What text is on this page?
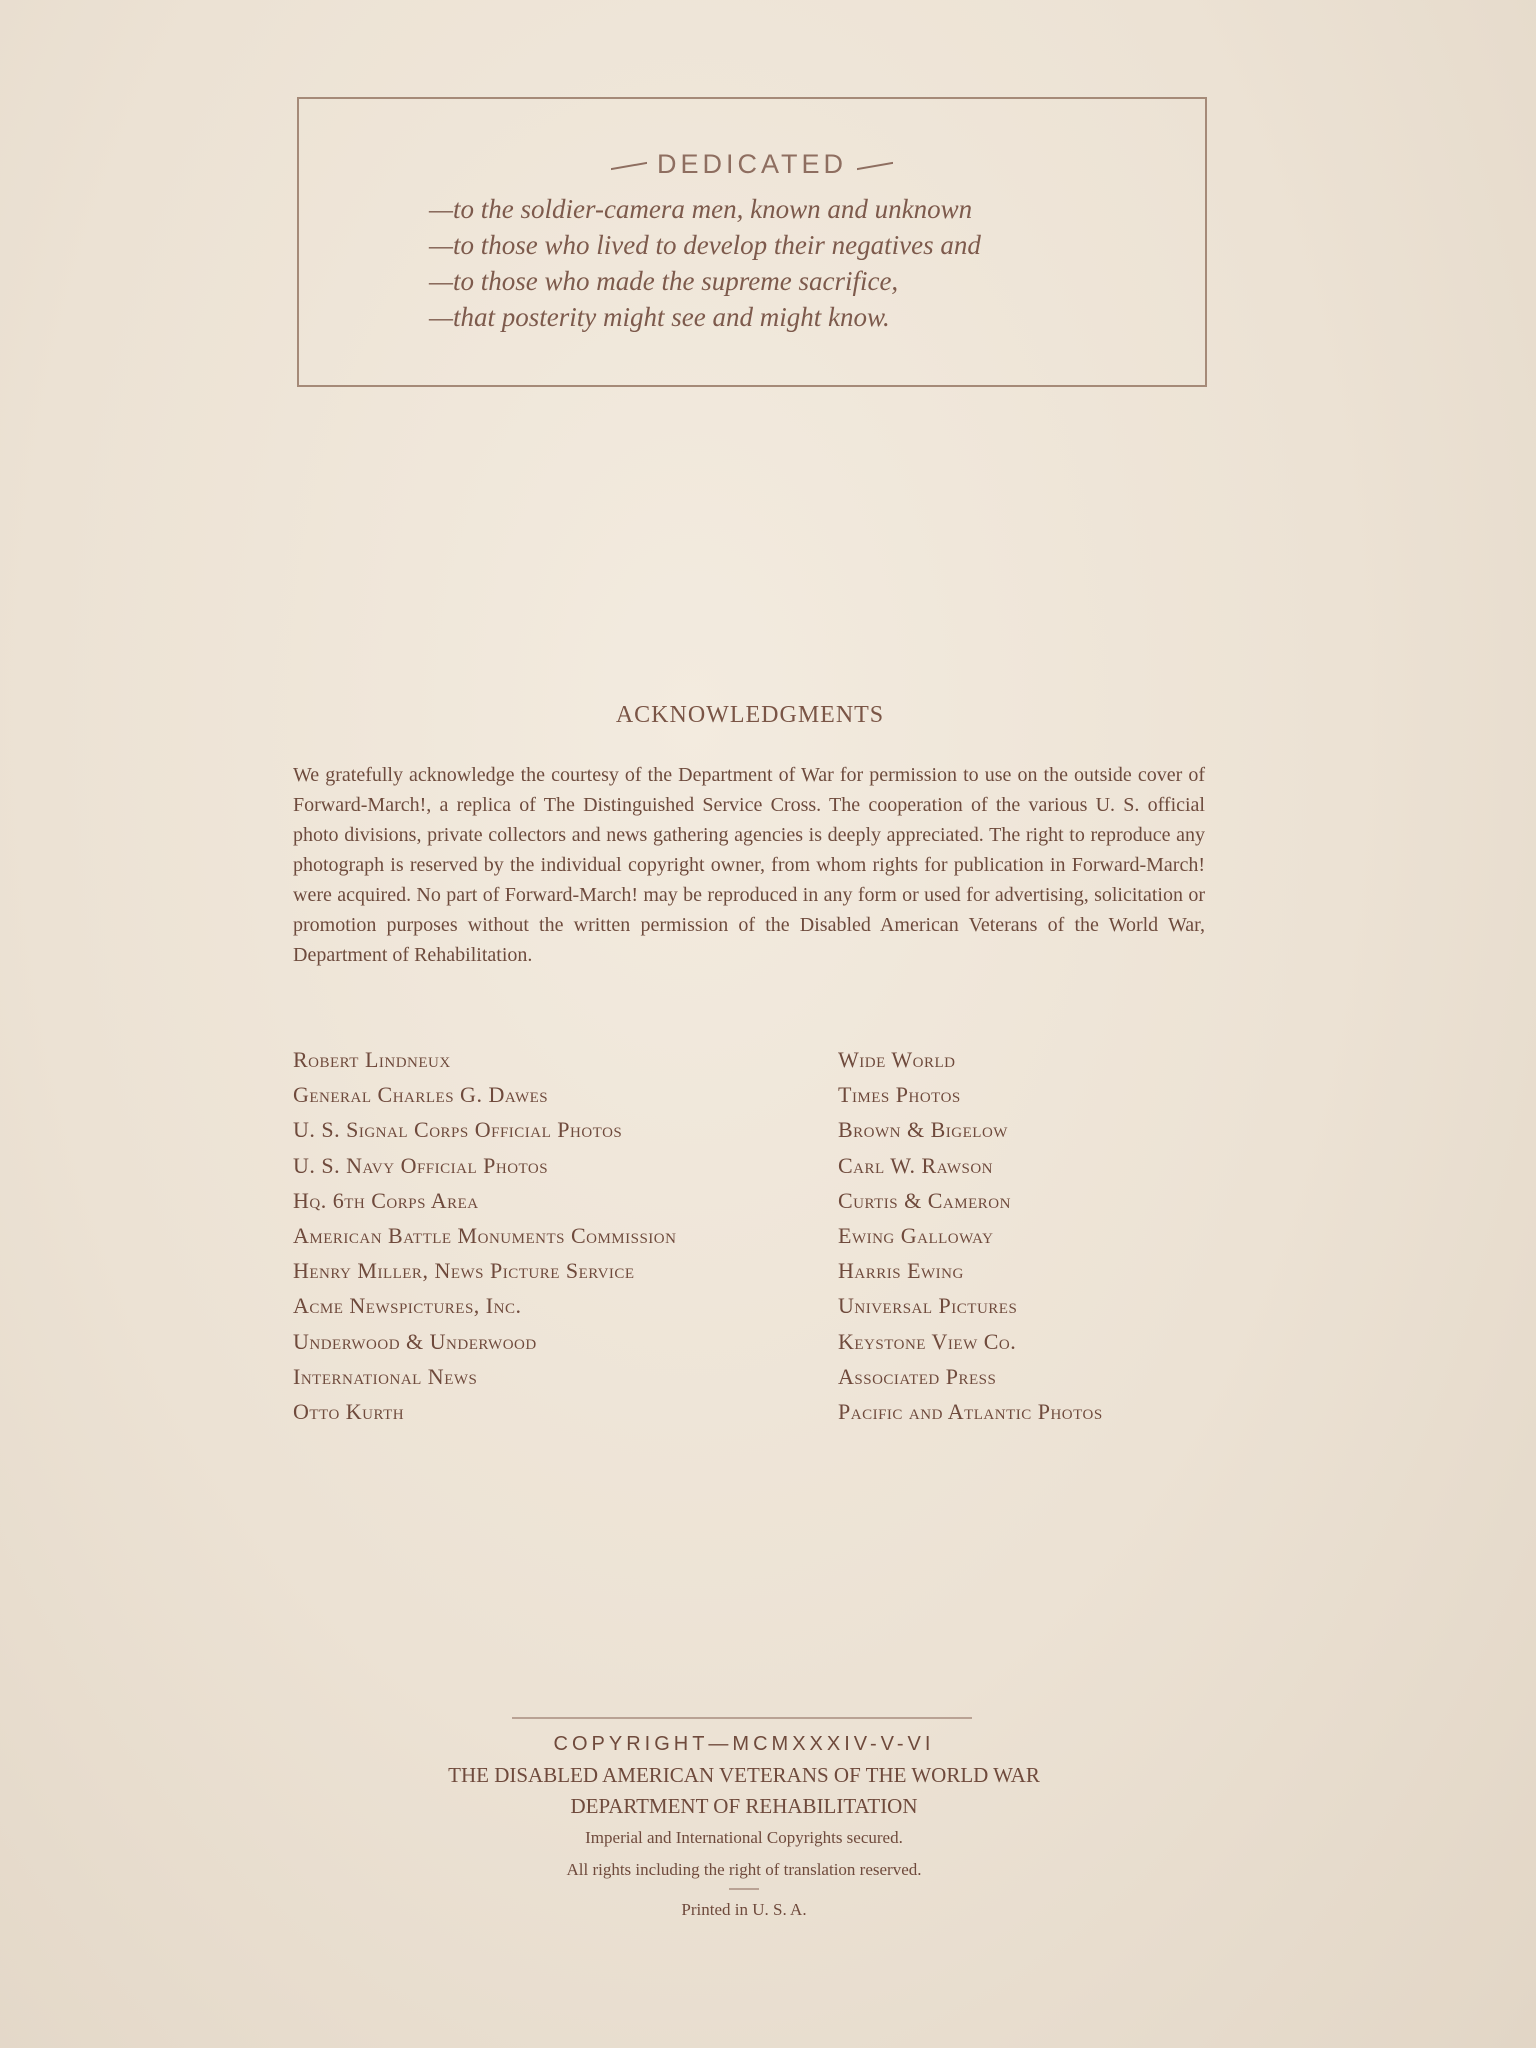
DEDICATED
—to the soldier-camera men, known and unknown
—to those who lived to develop their negatives and
—to those who made the supreme sacrifice,
—that posterity might see and might know.
ACKNOWLEDGMENTS
We gratefully acknowledge the courtesy of the Department of War for permission to use on the outside cover of Forward-March!, a replica of The Distinguished Service Cross. The cooperation of the various U. S. official photo divisions, private collectors and news gathering agencies is deeply appreciated. The right to reproduce any photograph is reserved by the individual copyright owner, from whom rights for publication in Forward-March! were acquired. No part of Forward-March! may be reproduced in any form or used for advertising, solicitation or promotion purposes without the written permission of the Disabled American Veterans of the World War, Department of Rehabilitation.
Robert Lindneux
General Charles G. Dawes
U. S. Signal Corps Official Photos
U. S. Navy Official Photos
Hq. 6th Corps Area
American Battle Monuments Commission
Henry Miller, News Picture Service
Acme Newspictures, Inc.
Underwood & Underwood
International News
Otto Kurth
Wide World
Times Photos
Brown & Bigelow
Carl W. Rawson
Curtis & Cameron
Ewing Galloway
Harris Ewing
Universal Pictures
Keystone View Co.
Associated Press
Pacific and Atlantic Photos
COPYRIGHT—MCMXXXIV-V-VI
THE DISABLED AMERICAN VETERANS OF THE WORLD WAR
DEPARTMENT OF REHABILITATION
Imperial and International Copyrights secured.
All rights including the right of translation reserved.
Printed in U. S. A.
